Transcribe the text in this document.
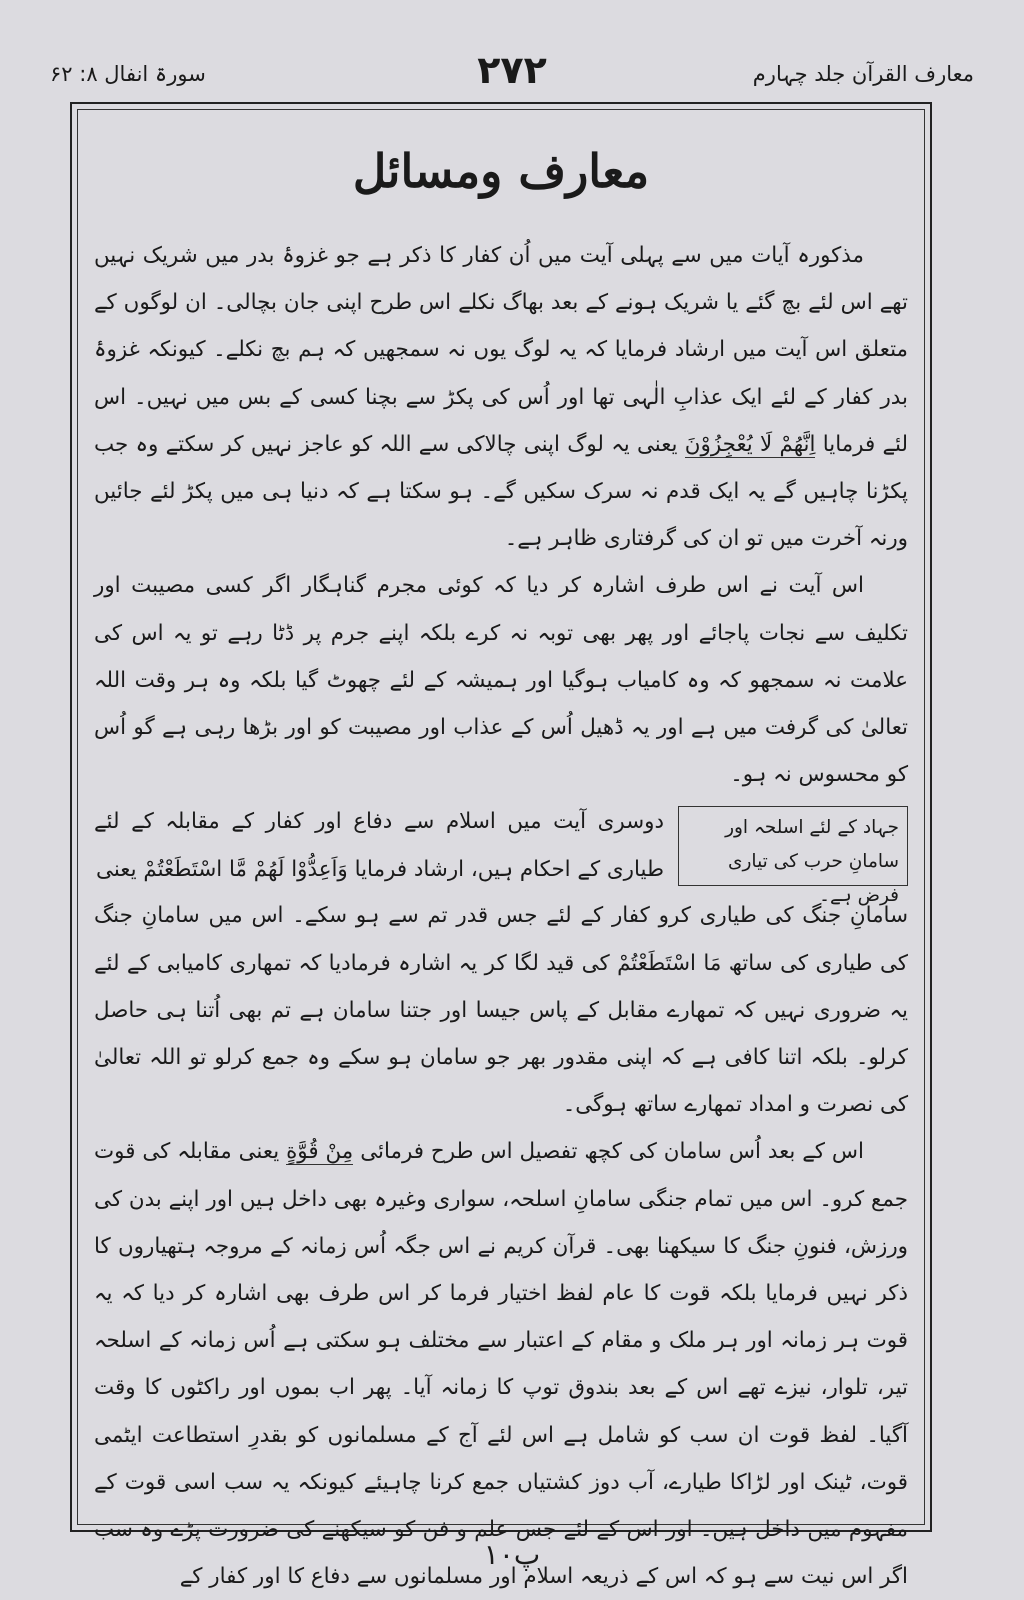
معارف القرآن جلد چہارم
۲۷۲
سورۃ انفال ۸: ۶۲
معارف ومسائل

مذکورہ آیات میں سے پہلی آیت میں اُن کفار کا ذکر ہے جو غزوۂ بدر میں شریک نہیں تھے اس لئے بچ گئے یا شریک ہونے کے بعد بھاگ نکلے اس طرح اپنی جان بچالی۔ ان لوگوں کے متعلق اس آیت میں ارشاد فرمایا کہ یہ لوگ یوں نہ سمجھیں کہ ہم بچ نکلے۔ کیونکہ غزوۂ بدر کفار کے لئے ایک عذابِ الٰہی تھا اور اُس کی پکڑ سے بچنا کسی کے بس میں نہیں۔ اس لئے فرمایا اِنَّهُمْ لَا يُعْجِزُوْنَ یعنی یہ لوگ اپنی چالاکی سے اللہ کو عاجز نہیں کر سکتے وہ جب پکڑنا چاہیں گے یہ ایک قدم نہ سرک سکیں گے۔ ہو سکتا ہے کہ دنیا ہی میں پکڑ لئے جائیں ورنہ آخرت میں تو ان کی گرفتاری ظاہر ہے۔

اس آیت نے اس طرف اشارہ کر دیا کہ کوئی مجرم گناہگار اگر کسی مصیبت اور تکلیف سے نجات پاجائے اور پھر بھی توبہ نہ کرے بلکہ اپنے جرم پر ڈٹا رہے تو یہ اس کی علامت نہ سمجھو کہ وہ کامیاب ہوگیا اور ہمیشہ کے لئے چھوٹ گیا بلکہ وہ ہر وقت اللہ تعالیٰ کی گرفت میں ہے اور یہ ڈھیل اُس کے عذاب اور مصیبت کو اور بڑھا رہی ہے گو اُس کو محسوس نہ ہو۔

جہاد کے لئے اسلحہ اور سامانِ حرب کی تیاری فرض ہے۔
دوسری آیت میں اسلام سے دفاع اور کفار کے مقابلہ کے لئے طیاری کے احکام ہیں، ارشاد فرمایا وَاَعِدُّوْا لَهُمْ مَّا اسْتَطَعْتُمْ یعنی

سامانِ جنگ کی طیاری کرو کفار کے لئے جس قدر تم سے ہو سکے۔ اس میں سامانِ جنگ کی طیاری کی ساتھ مَا اسْتَطَعْتُمْ کی قید لگا کر یہ اشارہ فرمادیا کہ تمھاری کامیابی کے لئے یہ ضروری نہیں کہ تمھارے مقابل کے پاس جیسا اور جتنا سامان ہے تم بھی اُتنا ہی حاصل کرلو۔ بلکہ اتنا کافی ہے کہ اپنی مقدور بھر جو سامان ہو سکے وہ جمع کرلو تو اللہ تعالیٰ کی نصرت و امداد تمھارے ساتھ ہوگی۔

اس کے بعد اُس سامان کی کچھ تفصیل اس طرح فرمائی مِنْ قُوَّةٍ یعنی مقابلہ کی قوت جمع کرو۔ اس میں تمام جنگی سامانِ اسلحہ، سواری وغیرہ بھی داخل ہیں اور اپنے بدن کی ورزش، فنونِ جنگ کا سیکھنا بھی۔ قرآن کریم نے اس جگہ اُس زمانہ کے مروجہ ہتھیاروں کا ذکر نہیں فرمایا بلکہ قوت کا عام لفظ اختیار فرما کر اس طرف بھی اشارہ کر دیا کہ یہ قوت ہر زمانہ اور ہر ملک و مقام کے اعتبار سے مختلف ہو سکتی ہے اُس زمانہ کے اسلحہ تیر، تلوار، نیزے تھے اس کے بعد بندوق توپ کا زمانہ آیا۔ پھر اب بموں اور راکٹوں کا وقت آگیا۔ لفظ قوت ان سب کو شامل ہے اس لئے آج کے مسلمانوں کو بقدرِ استطاعت ایٹمی قوت، ٹینک اور لڑاکا طیارے، آب دوز کشتیاں جمع کرنا چاہیئے کیونکہ یہ سب اسی قوت کے مفہوم میں داخل ہیں۔ اور اس کے لئے جس علم و فن کو سیکھنے کی ضرورت پڑے وہ سب اگر اس نیت سے ہو کہ اس کے ذریعہ اسلام اور مسلمانوں سے دفاع کا اور کفار کے

پ۱۰
